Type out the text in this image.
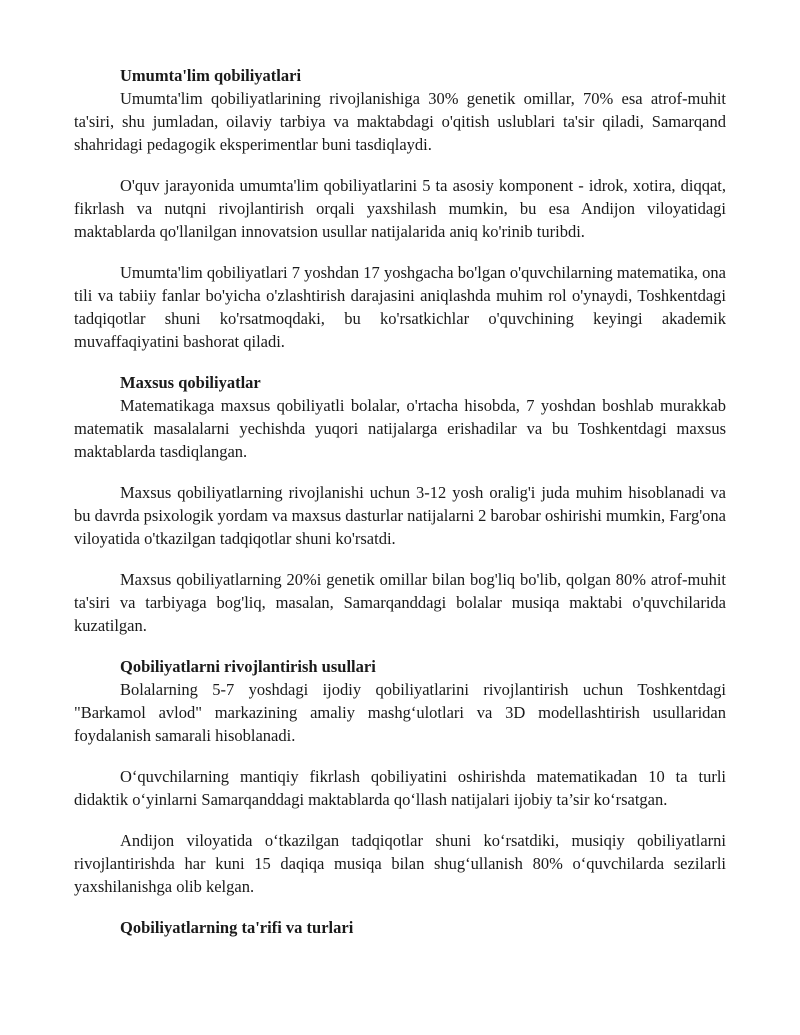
Umumta'lim qobiliyatlari

Umumta'lim qobiliyatlarining rivojlanishiga 30% genetik omillar, 70% esa atrof-muhit ta'siri, shu jumladan, oilaviy tarbiya va maktabdagi o'qitish uslublari ta'sir qiladi, Samarqand shahridagi pedagogik eksperimentlar buni tasdiqlaydi.

O'quv jarayonida umumta'lim qobiliyatlarini 5 ta asosiy komponent - idrok, xotira, diqqat, fikrlash va nutqni rivojlantirish orqali yaxshilash mumkin, bu esa Andijon viloyatidagi maktablarda qo'llanilgan innovatsion usullar natijalarida aniq ko'rinib turibdi.

Umumta'lim qobiliyatlari 7 yoshdan 17 yoshgacha bo'lgan o'quvchilarning matematika, ona tili va tabiiy fanlar bo'yicha o'zlashtirish darajasini aniqlashda muhim rol o'ynaydi, Toshkentdagi tadqiqotlar shuni ko'rsatmoqdaki, bu ko'rsatkichlar o'quvchining keyingi akademik muvaffaqiyatini bashorat qiladi.

Maxsus qobiliyatlar

Matematikaga maxsus qobiliyatli bolalar, o'rtacha hisobda, 7 yoshdan boshlab murakkab matematik masalalarni yechishda yuqori natijalarga erishadilar va bu Toshkentdagi maxsus maktablarda tasdiqlangan.

Maxsus qobiliyatlarning rivojlanishi uchun 3-12 yosh oralig'i juda muhim hisoblanadi va bu davrda psixologik yordam va maxsus dasturlar natijalarni 2 barobar oshirishi mumkin, Farg'ona viloyatida o'tkazilgan tadqiqotlar shuni ko'rsatdi.

Maxsus qobiliyatlarning 20%i genetik omillar bilan bog'liq bo'lib, qolgan 80% atrof-muhit ta'siri va tarbiyaga bog'liq, masalan, Samarqanddagi bolalar musiqa maktabi o'quvchilarida kuzatilgan.

Qobiliyatlarni rivojlantirish usullari

Bolalarning 5-7 yoshdagi ijodiy qobiliyatlarini rivojlantirish uchun Toshkentdagi "Barkamol avlod" markazining amaliy mashg‘ulotlari va 3D modellashtirish usullaridan foydalanish samarali hisoblanadi.

O‘quvchilarning mantiqiy fikrlash qobiliyatini oshirishda matematikadan 10 ta turli didaktik o‘yinlarni Samarqanddagi maktablarda qo‘llash natijalari ijobiy ta’sir ko‘rsatgan.

Andijon viloyatida o‘tkazilgan tadqiqotlar shuni ko‘rsatdiki, musiqiy qobiliyatlarni rivojlantirishda har kuni 15 daqiqa musiqa bilan shug‘ullanish 80% o‘quvchilarda sezilarli yaxshilanishga olib kelgan.

Qobiliyatlarning ta'rifi va turlari
